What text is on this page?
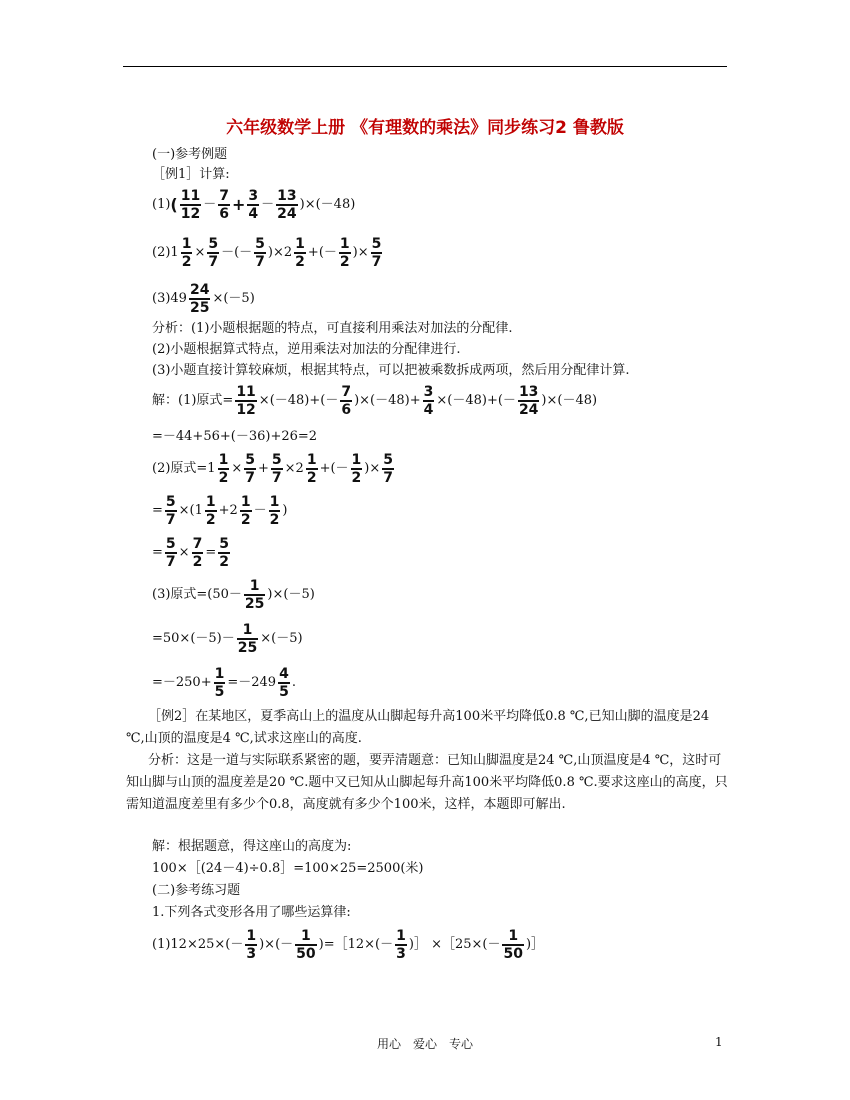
六年级数学上册 《有理数的乘法》同步练习2 鲁教版
(一)参考例题
［例1］计算:
(1) ( $\frac{11}{12} - \frac{7}{6} + \frac{3}{4} - \frac{13}{24} )\times(-48)$
$(2)1 \frac{1}{2} \times \frac{5}{7}$ －(－ $\frac{5}{7} )\times 2 \frac{1}{2}$ +(－ $\frac{1}{2}$ )× $\frac{5}{7}$
$(3)49 \frac{24}{25} \times(-5)$
分析：(1)小题根据题的特点，可直接利用乘法对加法的分配律.
(2)小题根据算式特点，逆用乘法对加法的分配律进行.
(3)小题直接计算较麻烦，根据其特点，可以把被乘数拆成两项，然后用分配律计算.
解：(1)原式= $\frac{11}{12} \times(-48)+(- \frac{7}{6} )\times(-48)+ \frac{3}{4} \times(-48)+(- \frac{13}{24} )\times(-48)$
=－44+56+(－36)+26=2
(2)原式$=1 \frac{1}{2} \times \frac{5}{7} + \frac{5}{7} \times 2 \frac{1}{2}$ +(－ $\frac{1}{2}$ )× $\frac{5}{7}$
= $\frac{5}{7} \times(1 \frac{1}{2} +2 \frac{1}{2} - \frac{1}{2}$ )
= $\frac{5}{7} \times \frac{7}{2} = \frac{5}{2}$
(3)原式$=(50- \frac{1}{25} )\times(-5)$
$=50\times(-5)- \frac{1}{25} \times(-5)$
$=-250+ \frac{1}{5} =-249 \frac{4}{5}$ .
［例2］在某地区，夏季高山上的温度从山脚起每升高100米平均降低0.8 ℃,已知山脚的温度是24 ℃,山顶的温度是4 ℃,试求这座山的高度.
分析：这是一道与实际联系紧密的题，要弄清题意：已知山脚温度是24 ℃,山顶温度是4 ℃，这时可知山脚与山顶的温度差是20 ℃.题中又已知从山脚起每升高100米平均降低0.8 ℃.要求这座山的高度，只需知道温度差里有多少个0.8，高度就有多少个100米，这样，本题即可解出.
解：根据题意，得这座山的高度为:
100×［(24－4)÷0.8］=100×25=2500(米)
(二)参考练习题
1.下列各式变形各用了哪些运算律:
$(1)12\times 25\times(- \frac{1}{3}$ )×(－ $\frac{1}{50}$ )=［12×(－ $\frac{1}{3}$ )］ ×［25×(－ $\frac{1}{50}$ )］
用心　爱心　专心	1
